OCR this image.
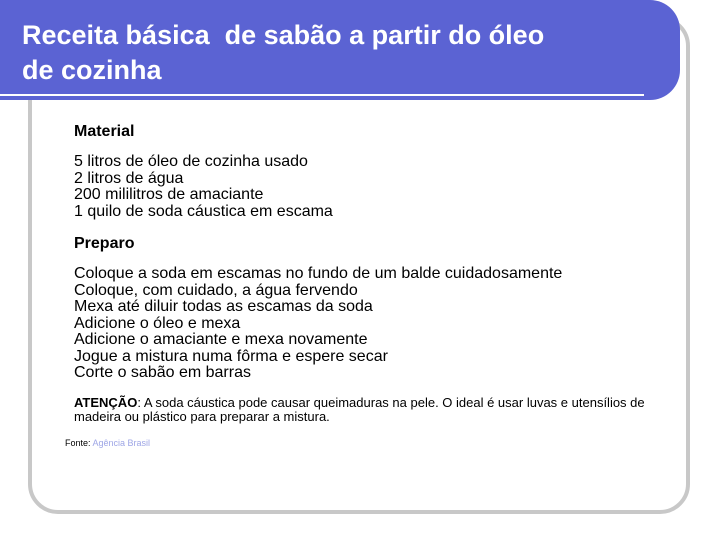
Receita básica  de sabão a partir do óleo
de cozinha

Material

5 litros de óleo de cozinha usado
2 litros de água
200 mililitros de amaciante
1 quilo de soda cáustica em escama

Preparo

Coloque a soda em escamas no fundo de um balde cuidadosamente
Coloque, com cuidado, a água fervendo
Mexa até diluir todas as escamas da soda
Adicione o óleo e mexa
Adicione o amaciante e mexa novamente
Jogue a mistura numa fôrma e espere secar
Corte o sabão em barras

ATENÇÃO: A soda cáustica pode causar queimaduras na pele. O ideal é usar luvas e utensílios de madeira ou plástico para preparar a mistura.

Fonte: Agência Brasil
